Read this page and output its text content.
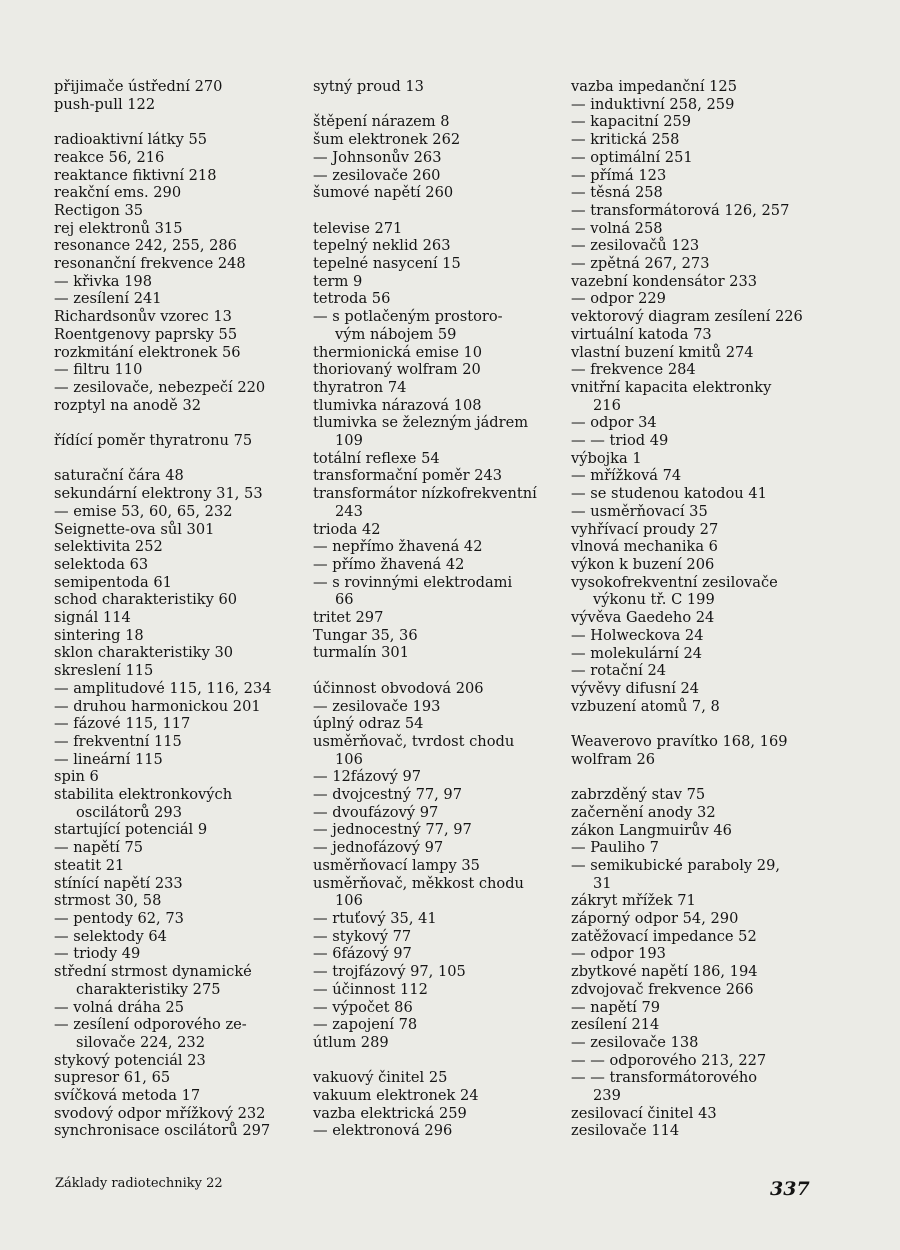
přijimače ústřední 270
push-pull 122
radioaktivní látky 55
reakce 56, 216
reaktance fiktivní 218
reakční ems. 290
Rectigon 35
rej elektronů 315
resonance 242, 255, 286
resonanční frekvence 248
— křivka 198
— zesílení 241
Richardsonův vzorec 13
Roentgenovy paprsky 55
rozkmitání elektronek 56
— filtru 110
— zesilovače, nebezpečí 220
rozptyl na anodě 32
řídící poměr thyratronu 75
saturační čára 48
sekundární elektrony 31, 53
— emise 53, 60, 65, 232
Seignette-ova sůl 301
selektivita 252
selektoda 63
semipentoda 61
schod charakteristiky 60
signál 114
sintering 18
sklon charakteristiky 30
skreslení 115
— amplitudové 115, 116, 234
— druhou harmonickou 201
— fázové 115, 117
— frekventní 115
— lineární 115
spin 6
stabilita elektronkových
oscilátorů 293
startující potenciál 9
— napětí 75
steatit 21
stínící napětí 233
strmost 30, 58
— pentody 62, 73
— selektody 64
— triody 49
střední strmost dynamické
charakteristiky 275
— volná dráha 25
— zesílení odporového ze-
silovače 224, 232
stykový potenciál 23
supresor 61, 65
svíčková metoda 17
svodový odpor mřížkový 232
synchronisace oscilátorů 297
sytný proud 13
štěpení nárazem 8
šum elektronek 262
— Johnsonův 263
— zesilovače 260
šumové napětí 260
televise 271
tepelný neklid 263
tepelné nasycení 15
term 9
tetroda 56
— s potlačeným prostoro-
vým nábojem 59
thermionická emise 10
thoriovaný wolfram 20
thyratron 74
tlumivka nárazová 108
tlumivka se železným jádrem
109
totální reflexe 54
transformační poměr 243
transformátor nízkofrekventní
243
trioda 42
— nepřímo žhavená 42
— přímo žhavená 42
— s rovinnými elektrodami
66
tritet 297
Tungar 35, 36
turmalín 301
účinnost obvodová 206
— zesilovače 193
úplný odraz 54
usměrňovač, tvrdost chodu
106
— 12fázový 97
— dvojcestný 77, 97
— dvoufázový 97
— jednocestný 77, 97
— jednofázový 97
usměrňovací lampy 35
usměrňovač, měkkost chodu
106
— rtuťový 35, 41
— stykový 77
— 6fázový 97
— trojfázový 97, 105
— účinnost 112
— výpočet 86
— zapojení 78
útlum 289
vakuový činitel 25
vakuum elektronek 24
vazba elektrická 259
— elektronová 296
vazba impedanční 125
— induktivní 258, 259
— kapacitní 259
— kritická 258
— optimální 251
— přímá 123
— těsná 258
— transformátorová 126, 257
— volná 258
— zesilovačů 123
— zpětná 267, 273
vazební kondensátor 233
— odpor 229
vektorový diagram zesílení 226
virtuální katoda 73
vlastní buzení kmitů 274
— frekvence 284
vnitřní kapacita elektronky
216
— odpor 34
— — triod 49
výbojka 1
— mřížková 74
— se studenou katodou 41
— usměrňovací 35
vyhřívací proudy 27
vlnová mechanika 6
výkon k buzení 206
vysokofrekventní zesilovače
výkonu tř. C 199
vývěva Gaedeho 24
— Holweckova 24
— molekulární 24
— rotační 24
vývěvy difusní 24
vzbuzení atomů 7, 8
Weaverovo pravítko 168, 169
wolfram 26
zabrzděný stav 75
začernění anody 32
zákon Langmuirův 46
— Pauliho 7
— semikubické paraboly 29,
31
zákryt mřížek 71
záporný odpor 54, 290
zatěžovací impedance 52
— odpor 193
zbytkové napětí 186, 194
zdvojovač frekvence 266
— napětí 79
zesílení 214
— zesilovače 138
— — odporového 213, 227
— — transformátorového
239
zesilovací činitel 43
zesilovače 114
Základy radiotechniky 22	337
